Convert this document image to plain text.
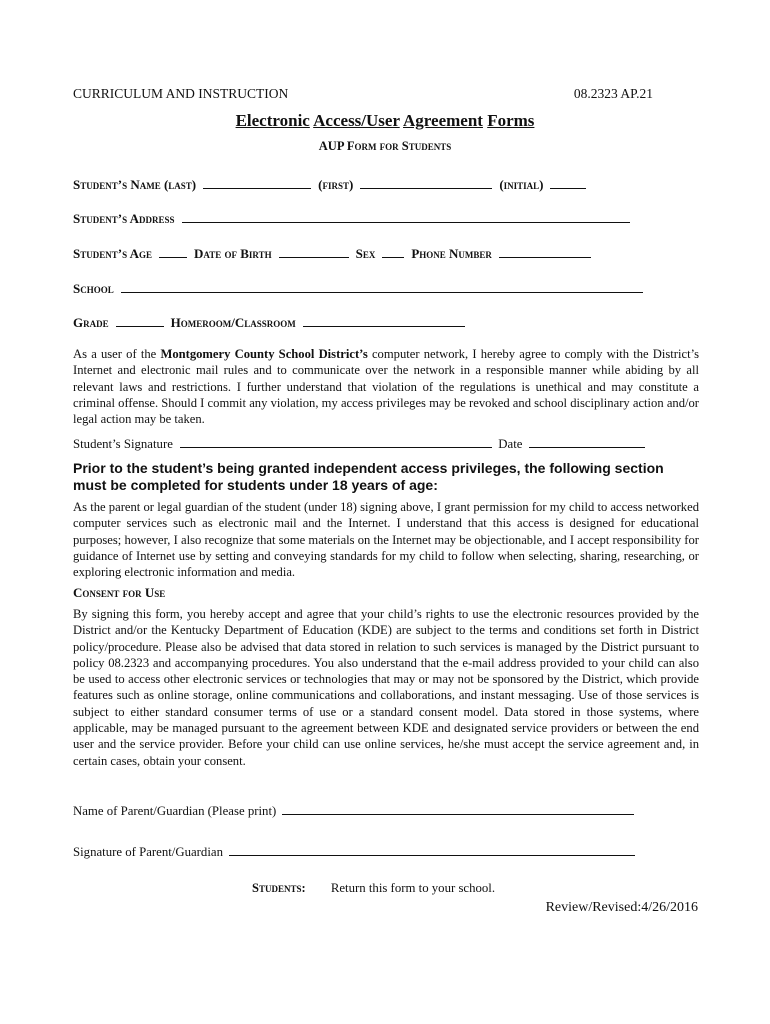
CURRICULUM AND INSTRUCTION	08.2323 AP.21
Electronic Access/User Agreement Forms
AUP Form for Students
Student’s Name (last)	(first)	(initial)
Student’s Address
Student’s Age	Date of Birth	Sex	Phone Number
School
Grade	Homeroom/Classroom
As a user of the Montgomery County School District’s computer network, I hereby agree to comply with the District’s Internet and electronic mail rules and to communicate over the network in a responsible manner while abiding by all relevant laws and restrictions. I further understand that violation of the regulations is unethical and may constitute a criminal offense. Should I commit any violation, my access privileges may be revoked and school disciplinary action and/or legal action may be taken.
Student’s Signature	Date
Prior to the student’s being granted independent access privileges, the following section must be completed for students under 18 years of age:
As the parent or legal guardian of the student (under 18) signing above, I grant permission for my child to access networked computer services such as electronic mail and the Internet. I understand that this access is designed for educational purposes; however, I also recognize that some materials on the Internet may be objectionable, and I accept responsibility for guidance of Internet use by setting and conveying standards for my child to follow when selecting, sharing, researching, or exploring electronic information and media.
Consent for Use
By signing this form, you hereby accept and agree that your child’s rights to use the electronic resources provided by the District and/or the Kentucky Department of Education (KDE) are subject to the terms and conditions set forth in District policy/procedure. Please also be advised that data stored in relation to such services is managed by the District pursuant to policy 08.2323 and accompanying procedures. You also understand that the e-mail address provided to your child can also be used to access other electronic services or technologies that may or may not be sponsored by the District, which provide features such as online storage, online communications and collaborations, and instant messaging. Use of those services is subject to either standard consumer terms of use or a standard consent model. Data stored in those systems, where applicable, may be managed pursuant to the agreement between KDE and designated service providers or between the end user and the service provider. Before your child can use online services, he/she must accept the service agreement and, in certain cases, obtain your consent.
Name of Parent/Guardian (Please print)
Signature of Parent/Guardian
Students: Return this form to your school.
Review/Revised:4/26/2016
